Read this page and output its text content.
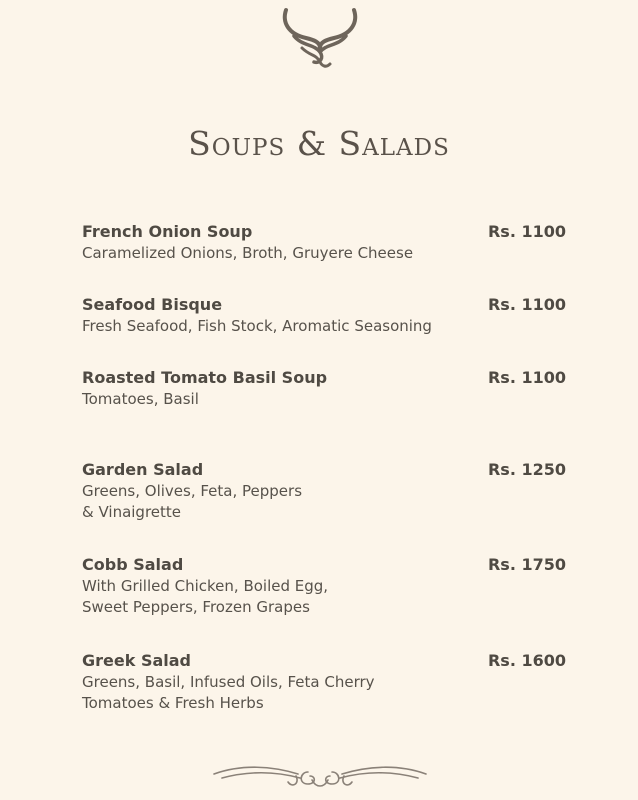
Soups & Salads
French Onion Soup	Rs. 1100
Caramelized Onions, Broth, Gruyere Cheese
Seafood Bisque	Rs. 1100
Fresh Seafood, Fish Stock, Aromatic Seasoning
Roasted Tomato Basil Soup	Rs. 1100
Tomatoes, Basil
Garden Salad	Rs. 1250
Greens, Olives, Feta, Peppers
& Vinaigrette
Cobb Salad	Rs. 1750
With Grilled Chicken, Boiled Egg,
Sweet Peppers, Frozen Grapes
Greek Salad	Rs. 1600
Greens, Basil, Infused Oils, Feta Cherry
Tomatoes & Fresh Herbs
